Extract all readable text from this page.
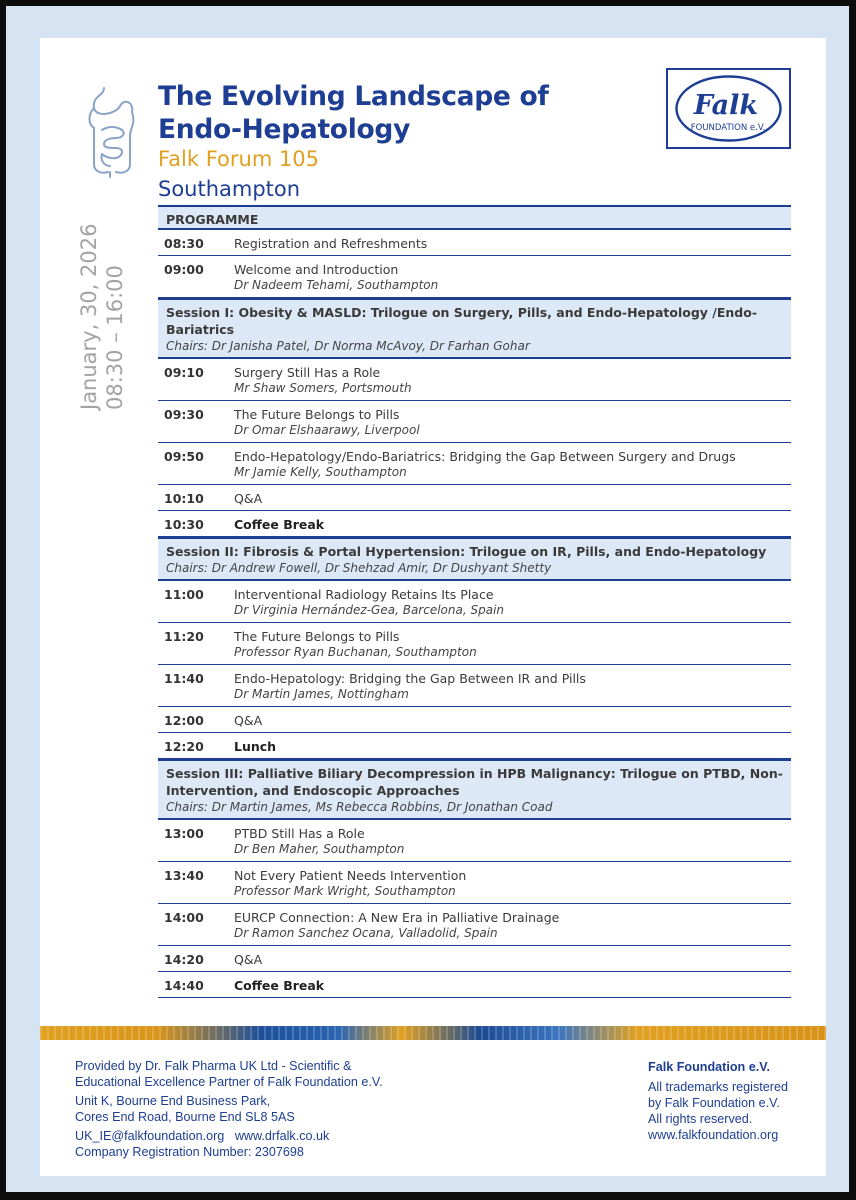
The Evolving Landscape of
Endo-Hepatology
Falk Forum 105
Southampton
Falk
FOUNDATION e.V.
January, 30, 2026 08:30 – 16:00
PROGRAMME
08:30	Registration and Refreshments
09:00	Welcome and Introduction
Dr Nadeem Tehami, Southampton
Session I: Obesity & MASLD: Trilogue on Surgery, Pills, and Endo-Hepatology /Endo-Bariatrics
Chairs: Dr Janisha Patel, Dr Norma McAvoy, Dr Farhan Gohar
09:10	Surgery Still Has a Role
Mr Shaw Somers, Portsmouth
09:30	The Future Belongs to Pills
Dr Omar Elshaarawy, Liverpool
09:50	Endo-Hepatology/Endo-Bariatrics: Bridging the Gap Between Surgery and Drugs
Mr Jamie Kelly, Southampton
10:10	Q&A
10:30	Coffee Break
Session II: Fibrosis & Portal Hypertension: Trilogue on IR, Pills, and Endo-Hepatology
Chairs: Dr Andrew Fowell, Dr Shehzad Amir, Dr Dushyant Shetty
11:00	Interventional Radiology Retains Its Place
Dr Virginia Hernández-Gea, Barcelona, Spain
11:20	The Future Belongs to Pills
Professor Ryan Buchanan, Southampton
11:40	Endo-Hepatology: Bridging the Gap Between IR and Pills
Dr Martin James, Nottingham
12:00	Q&A
12:20	Lunch
Session III: Palliative Biliary Decompression in HPB Malignancy: Trilogue on PTBD, Non-Intervention, and Endoscopic Approaches
Chairs: Dr Martin James, Ms Rebecca Robbins, Dr Jonathan Coad
13:00	PTBD Still Has a Role
Dr Ben Maher, Southampton
13:40	Not Every Patient Needs Intervention
Professor Mark Wright, Southampton
14:00	EURCP Connection: A New Era in Palliative Drainage
Dr Ramon Sanchez Ocana, Valladolid, Spain
14:20	Q&A
14:40	Coffee Break
Provided by Dr. Falk Pharma UK Ltd - Scientific &
Educational Excellence Partner of Falk Foundation e.V.
Unit K, Bourne End Business Park,
Cores End Road, Bourne End SL8 5AS
UK_IE@falkfoundation.org www.drfalk.co.uk
Company Registration Number: 2307698
Falk Foundation e.V.
All trademarks registered
by Falk Foundation e.V.
All rights reserved.
www.falkfoundation.org
